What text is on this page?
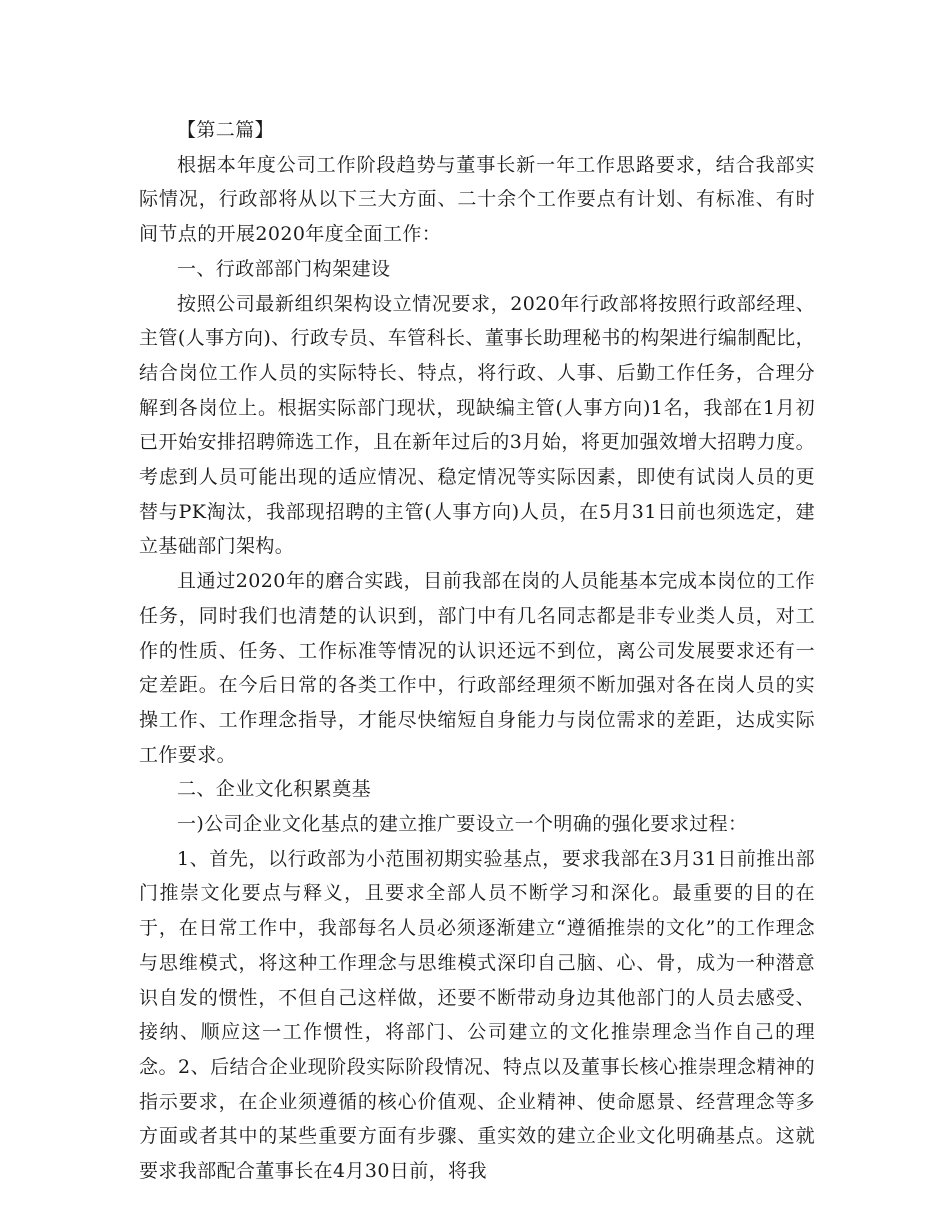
【第二篇】

根据本年度公司工作阶段趋势与董事长新一年工作思路要求，结合我部实际情况，行政部将从以下三大方面、二十余个工作要点有计划、有标准、有时间节点的开展2020年度全面工作：

一、行政部部门构架建设

按照公司最新组织架构设立情况要求，2020年行政部将按照行政部经理、主管(人事方向)、行政专员、车管科长、董事长助理秘书的构架进行编制配比，结合岗位工作人员的实际特长、特点，将行政、人事、后勤工作任务，合理分解到各岗位上。根据实际部门现状，现缺编主管(人事方向)1名，我部在1月初已开始安排招聘筛选工作，且在新年过后的3月始，将更加强效增大招聘力度。考虑到人员可能出现的适应情况、稳定情况等实际因素，即使有试岗人员的更替与PK淘汰，我部现招聘的主管(人事方向)人员，在5月31日前也须选定，建立基础部门架构。

且通过2020年的磨合实践，目前我部在岗的人员能基本完成本岗位的工作任务，同时我们也清楚的认识到，部门中有几名同志都是非专业类人员，对工作的性质、任务、工作标准等情况的认识还远不到位，离公司发展要求还有一定差距。在今后日常的各类工作中，行政部经理须不断加强对各在岗人员的实操工作、工作理念指导，才能尽快缩短自身能力与岗位需求的差距，达成实际工作要求。

二、企业文化积累奠基

一)公司企业文化基点的建立推广要设立一个明确的强化要求过程：

1、首先，以行政部为小范围初期实验基点，要求我部在3月31日前推出部门推崇文化要点与释义，且要求全部人员不断学习和深化。最重要的目的在于，在日常工作中，我部每名人员必须逐渐建立“遵循推崇的文化”的工作理念与思维模式，将这种工作理念与思维模式深印自己脑、心、骨，成为一种潜意识自发的惯性，不但自己这样做，还要不断带动身边其他部门的人员去感受、接纳、顺应这一工作惯性，将部门、公司建立的文化推崇理念当作自己的理念。2、后结合企业现阶段实际阶段情况、特点以及董事长核心推崇理念精神的指示要求，在企业须遵循的核心价值观、企业精神、使命愿景、经营理念等多方面或者其中的某些重要方面有步骤、重实效的建立企业文化明确基点。这就要求我部配合董事长在4月30日前，将我
